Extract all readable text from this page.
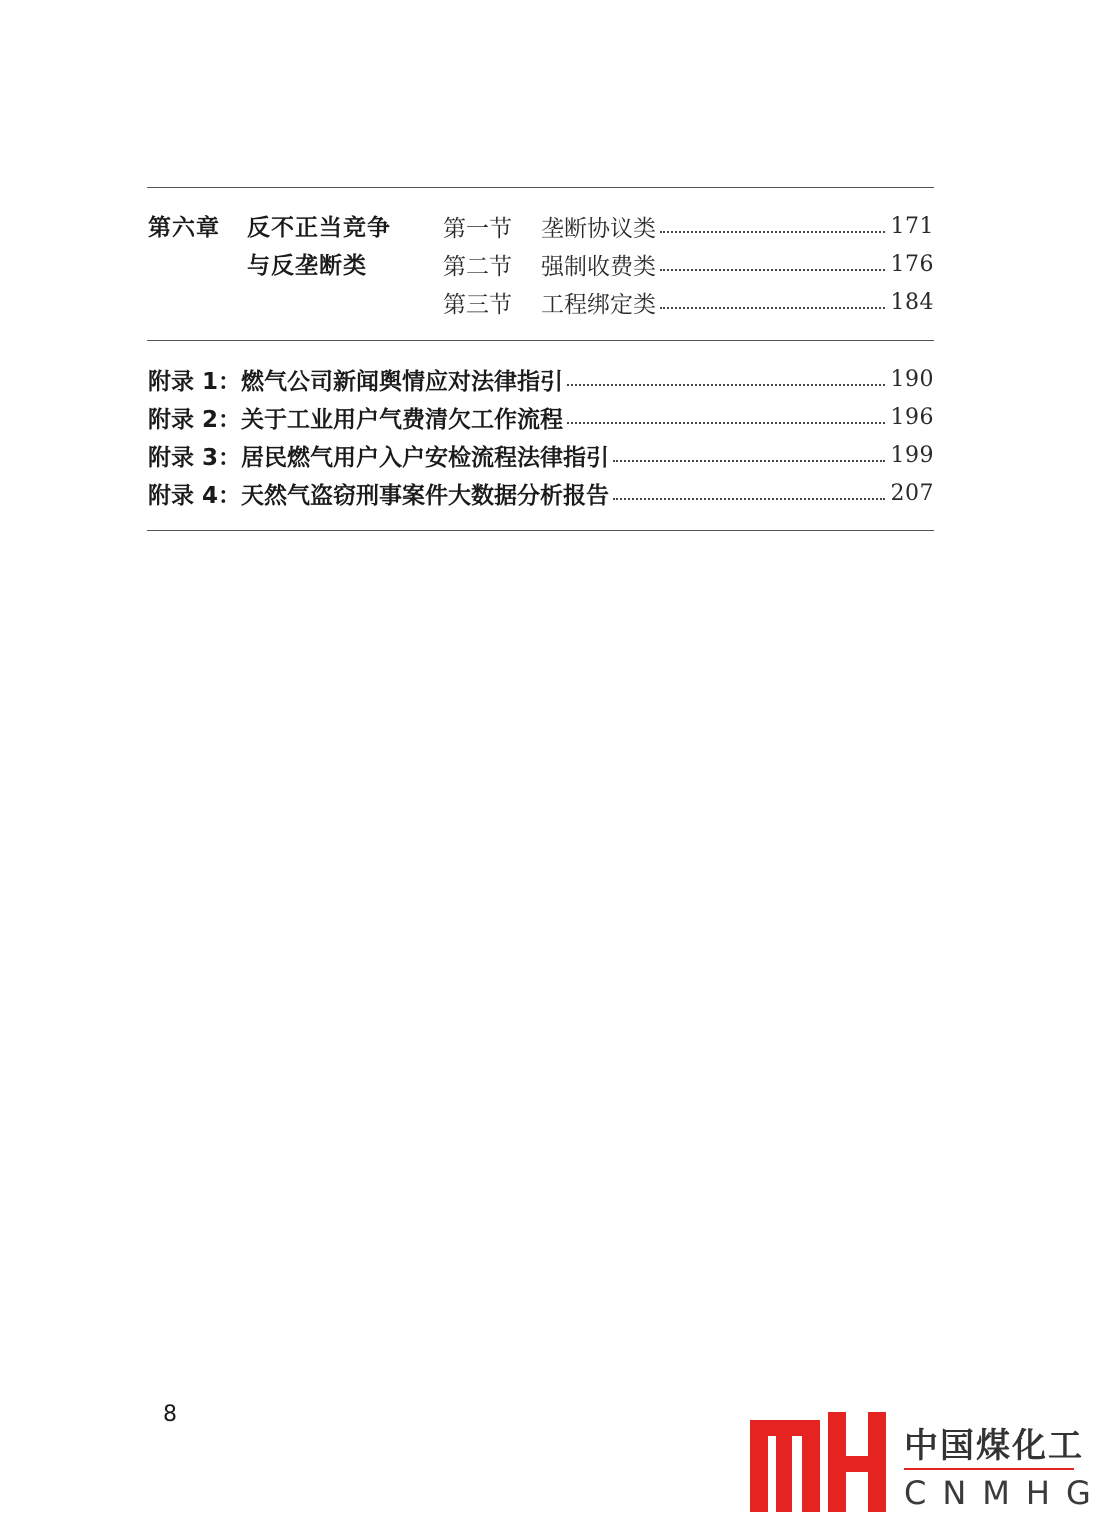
第六章 反不正当竞争
与反垄断类
第一节	垄断协议类	171
第二节	强制收费类	176
第三节	工程绑定类	184
附录 1： 燃气公司新闻舆情应对法律指引	190
附录 2： 关于工业用户气费清欠工作流程	196
附录 3： 居民燃气用户入户安检流程法律指引	199
附录 4： 天然气盗窃刑事案件大数据分析报告	207
8
中国煤化工
CNMHG
